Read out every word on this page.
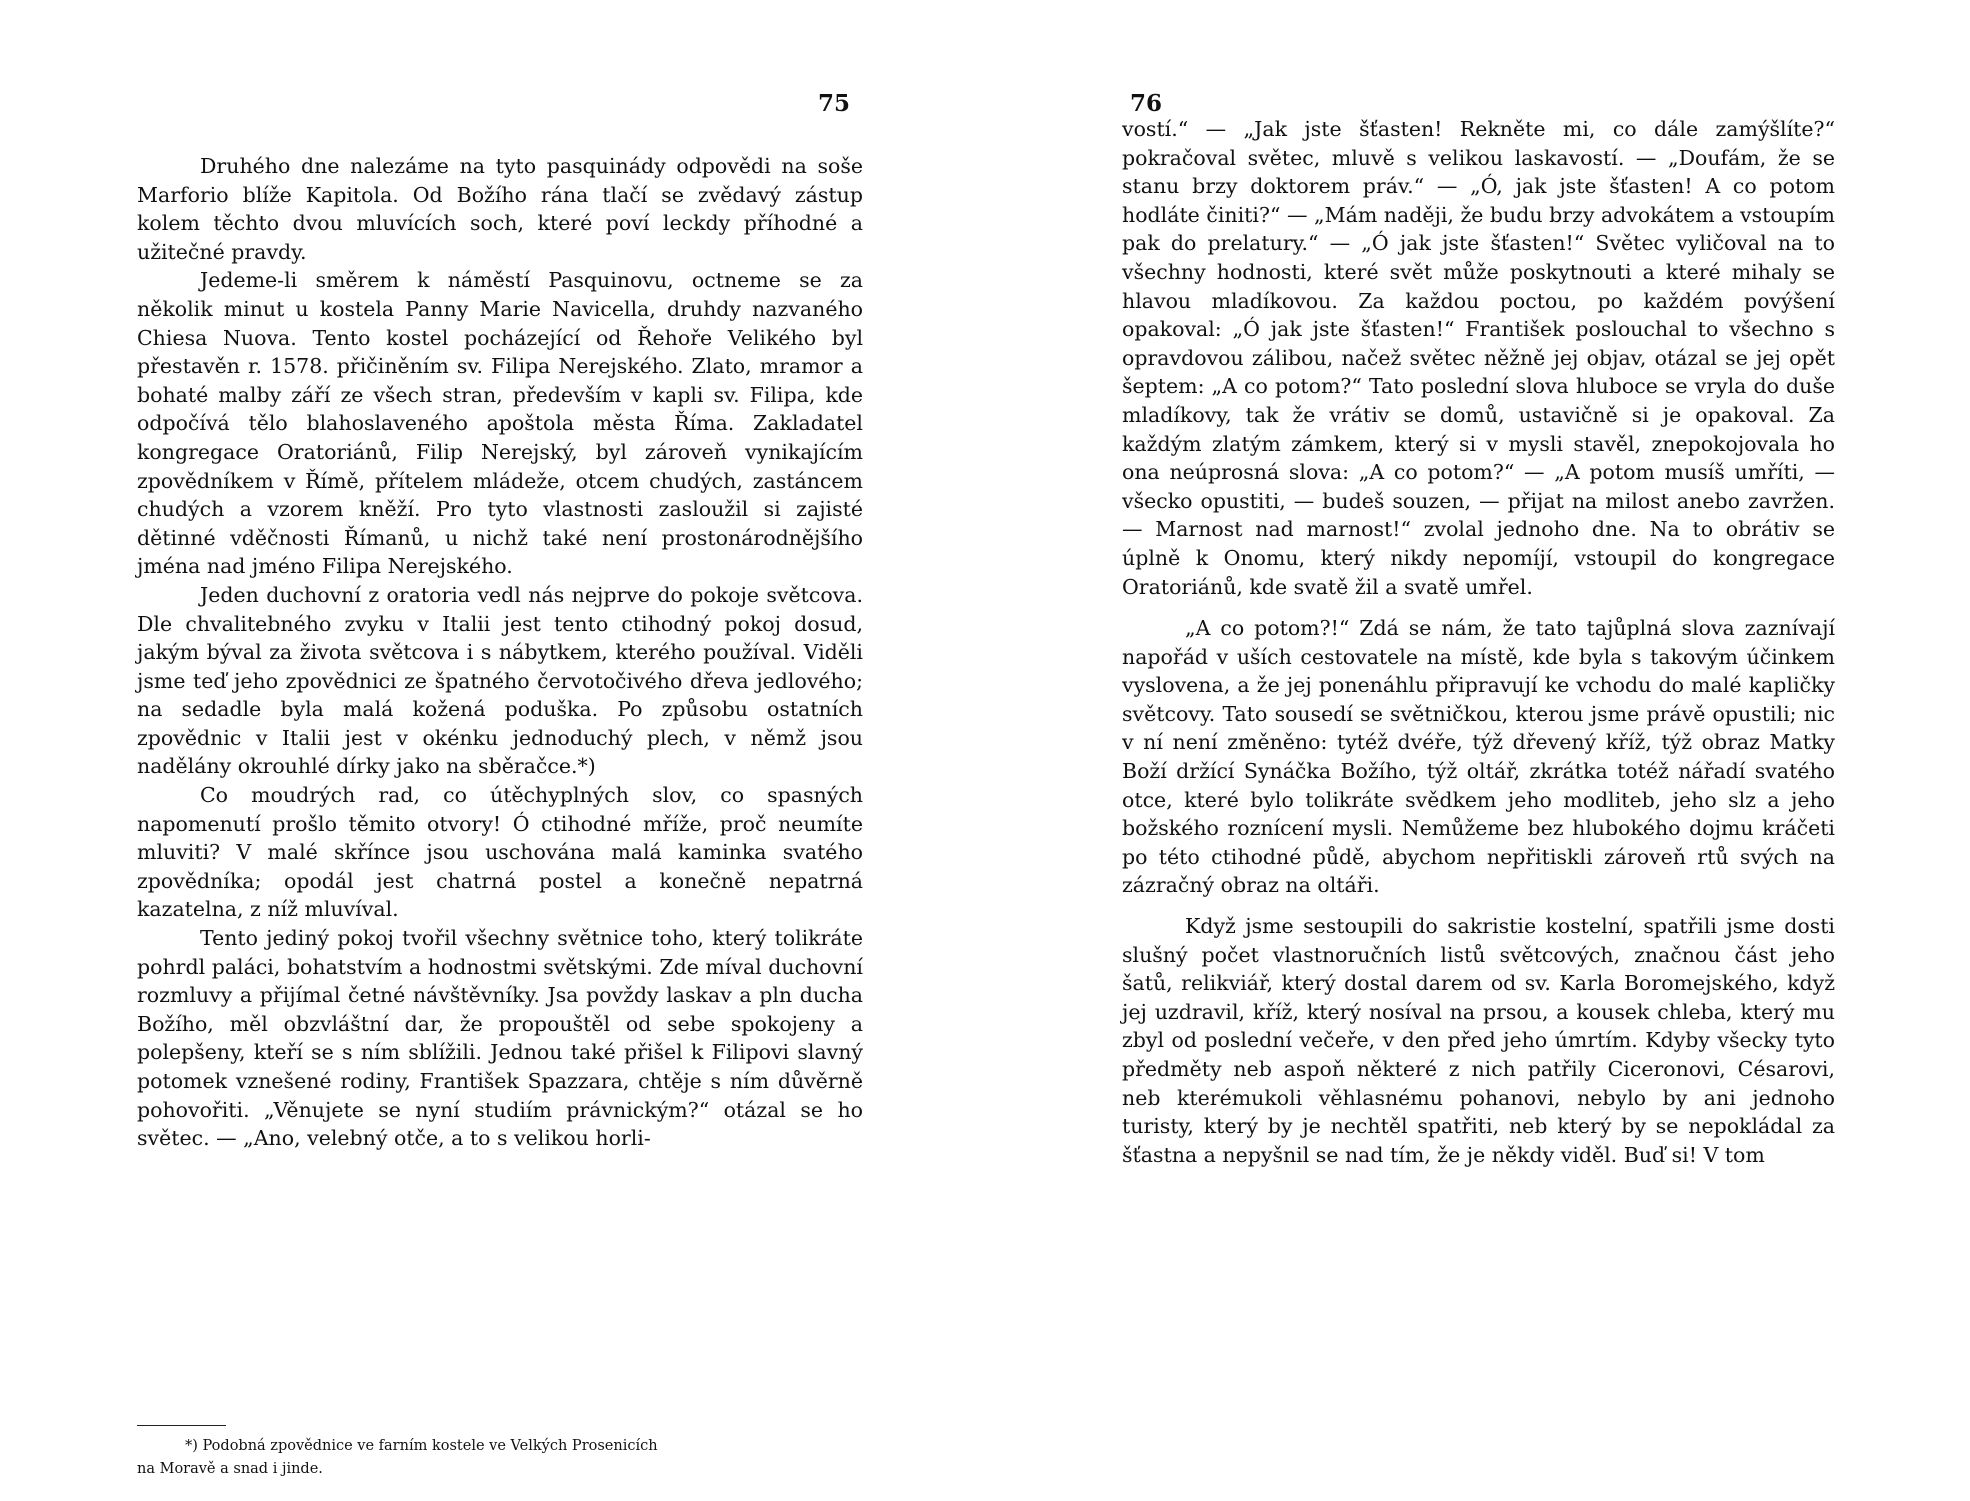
75

Druhého dne nalezáme na tyto pasquinády odpovědi na soše Marforio blíže Kapitola. Od Božího rána tlačí se zvědavý zástup kolem těchto dvou mluvících soch, které poví leckdy příhodné a užitečné pravdy.

Jedeme-li směrem k náměstí Pasquinovu, octneme se za několik minut u kostela Panny Marie Navicella, druhdy nazvaného Chiesa Nuova. Tento kostel pocházející od Řehoře Velikého byl přestavěn r. 1578. přičiněním sv. Filipa Nerejského. Zlato, mramor a bohaté malby září ze všech stran, především v kapli sv. Filipa, kde odpočívá tělo blahoslaveného apoštola města Říma. Zakladatel kongregace Oratoriánů, Filip Nerejský, byl zároveň vynikajícím zpovědníkem v Římě, přítelem mládeže, otcem chudých, zastáncem chudých a vzorem kněží. Pro tyto vlastnosti zasloužil si zajisté dětinné vděčnosti Římanů, u nichž také není prostonárodnějšího jména nad jméno Filipa Nerejského.

Jeden duchovní z oratoria vedl nás nejprve do pokoje světcova. Dle chvalitebného zvyku v Italii jest tento ctihodný pokoj dosud, jakým býval za života světcova i s nábytkem, kterého používal. Viděli jsme teď jeho zpovědnici ze špatného červotočivého dřeva jedlového; na sedadle byla malá kožená poduška. Po způsobu ostatních zpovědnic v Italii jest v okénku jednoduchý plech, v němž jsou nadělány okrouhlé dírky jako na sběračce.*)

Co moudrých rad, co útěchyplných slov, co spasných napomenutí prošlo těmito otvory! Ó ctihodné mříže, proč neumíte mluviti? V malé skřínce jsou uschována malá kaminka svatého zpovědníka; opodál jest chatrná postel a konečně nepatrná kazatelna, z níž mluvíval.

Tento jediný pokoj tvořil všechny světnice toho, který tolikráte pohrdl paláci, bohatstvím a hodnostmi světskými. Zde míval duchovní rozmluvy a přijímal četné návštěvníky. Jsa povždy laskav a pln ducha Božího, měl obzvláštní dar, že propouštěl od sebe spokojeny a polepšeny, kteří se s ním sblížili. Jednou také přišel k Filipovi slavný potomek vznešené rodiny, František Spazzara, chtěje s ním důvěrně pohovořiti. „Věnujete se nyní studiím právnickým?“ otázal se ho světec. — „Ano, velebný otče, a to s velikou horli-

*) Podobná zpovědnice ve farním kostele ve Velkých Prosenicích
na Moravě a snad i jinde.
76

vostí.“ — „Jak jste šťasten! Rekněte mi, co dále zamýšlíte?“ pokračoval světec, mluvě s velikou laskavostí. — „Doufám, že se stanu brzy doktorem práv.“ — „Ó, jak jste šťasten! A co potom hodláte činiti?“ — „Mám naději, že budu brzy advokátem a vstoupím pak do prelatury.“ — „Ó jak jste šťasten!“ Světec vyličoval na to všechny hodnosti, které svět může poskytnouti a které mihaly se hlavou mladíkovou. Za každou poctou, po každém povýšení opakoval: „Ó jak jste šťasten!“ František poslouchal to všechno s opravdovou zálibou, načež světec něžně jej objav, otázal se jej opět šeptem: „A co potom?“ Tato poslední slova hluboce se vryla do duše mladíkovy, tak že vrátiv se domů, ustavičně si je opakoval. Za každým zlatým zámkem, který si v mysli stavěl, znepokojovala ho ona neúprosná slova: „A co potom?“ — „A potom musíš umříti, — všecko opustiti, — budeš souzen, — přijat na milost anebo zavržen. — Marnost nad marnost!“ zvolal jednoho dne. Na to obrátiv se úplně k Onomu, který nikdy nepomíjí, vstoupil do kongregace Oratoriánů, kde svatě žil a svatě umřel.

„A co potom?!“ Zdá se nám, že tato tajůplná slova zaznívají napořád v uších cestovatele na místě, kde byla s takovým účinkem vyslovena, a že jej ponenáhlu připravují ke vchodu do malé kapličky světcovy. Tato sousedí se světničkou, kterou jsme právě opustili; nic v ní není změněno: tytéž dvéře, týž dřevený kříž, týž obraz Matky Boží držící Synáčka Božího, týž oltář, zkrátka totéž nářadí svatého otce, které bylo tolikráte svědkem jeho modliteb, jeho slz a jeho božského roznícení mysli. Nemůžeme bez hlubokého dojmu kráčeti po této ctihodné půdě, abychom nepřitiskli zároveň rtů svých na zázračný obraz na oltáři.

Když jsme sestoupili do sakristie kostelní, spatřili jsme dosti slušný počet vlastnoručních listů světcových, značnou část jeho šatů, relikviář, který dostal darem od sv. Karla Boromejského, když jej uzdravil, kříž, který nosíval na prsou, a kousek chleba, který mu zbyl od poslední večeře, v den před jeho úmrtím. Kdyby všecky tyto předměty neb aspoň některé z nich patřily Ciceronovi, Césarovi, neb kterémukoli věhlasnému pohanovi, nebylo by ani jednoho turisty, který by je nechtěl spatřiti, neb který by se nepokládal za šťastna a nepyšnil se nad tím, že je někdy viděl. Buď si! V tom
